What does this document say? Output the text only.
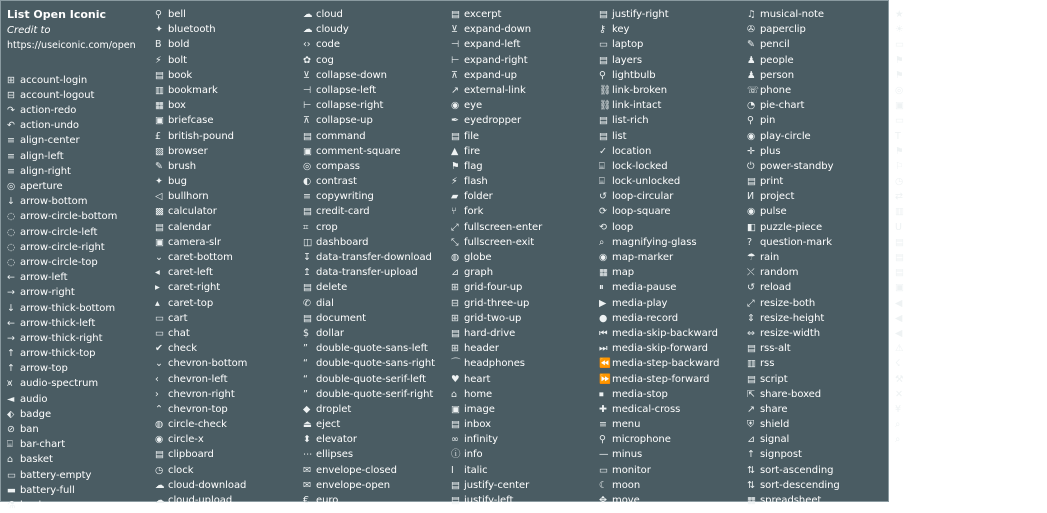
List Open Iconic
Credit to
https://useiconic.com/open
⊞ account-login
⊟ account-logout
↷ action-redo
↶ action-undo
≡ align-center
≡ align-left
≡ align-right
◎ aperture
↓ arrow-bottom
◌ arrow-circle-bottom
◌ arrow-circle-left
◌ arrow-circle-right
◌ arrow-circle-top
← arrow-left
→ arrow-right
↓ arrow-thick-bottom
← arrow-thick-left
→ arrow-thick-right
↑ arrow-thick-top
↑ arrow-top
⩙ audio-spectrum
◄ audio
⬖ badge
⊘ ban
⌸ bar-chart
⌂ basket
▭ battery-empty
▬ battery-full
⚗ beaker
⚲ bell
✦ bluetooth
B bold
⚡ bolt
▤ book
▥ bookmark
▦ box
▣ briefcase
£ british-pound
▧ browser
✎ brush
✦ bug
◁ bullhorn
▩ calculator
▤ calendar
▣ camera-slr
⌄ caret-bottom
◂ caret-left
▸ caret-right
▴ caret-top
▭ cart
▭ chat
✔ check
⌄ chevron-bottom
‹ chevron-left
› chevron-right
⌃ chevron-top
◍ circle-check
◉ circle-x
▤ clipboard
◷ clock
☁ cloud-download
☁ cloud-upload
☁ cloud
☁ cloudy
‹› code
✿ cog
⊻ collapse-down
⊣ collapse-left
⊢ collapse-right
⊼ collapse-up
▤ command
▣ comment-square
◎ compass
◐ contrast
≡ copywriting
▤ credit-card
⌗ crop
◫ dashboard
↧ data-transfer-download
↥ data-transfer-upload
▤ delete
✆ dial
▤ document
$ dollar
” double-quote-sans-left
“ double-quote-sans-right
“ double-quote-serif-left
” double-quote-serif-right
◆ droplet
⏏ eject
⬍ elevator
⋯ ellipses
✉ envelope-closed
✉ envelope-open
€ euro
▤ excerpt
⊻ expand-down
⊣ expand-left
⊢ expand-right
⊼ expand-up
↗ external-link
◉ eye
✒ eyedropper
▤ file
▲ fire
⚑ flag
⚡ flash
▰ folder
⑂ fork
⤢ fullscreen-enter
⤡ fullscreen-exit
◍ globe
⊿ graph
⊞ grid-four-up
⊟ grid-three-up
⊞ grid-two-up
▤ hard-drive
⊞ header
⌒ headphones
♥ heart
⌂ home
▣ image
▤ inbox
∞ infinity
ⓘ info
I	italic
▤ justify-center
▤ justify-left
▤ justify-right
⚷ key
▭ laptop
▤ layers
⚲ lightbulb
⛓ link-broken
⛓ link-intact
▤ list-rich
▤ list
✓ location
⌸ lock-locked
⌸ lock-unlocked
↺ loop-circular
⟳ loop-square
⟲ loop
⌕ magnifying-glass
◉ map-marker
▦ map
⏸ media-pause
▶ media-play
● media-record
⏮ media-skip-backward
⏭ media-skip-forward
⏪ media-step-backward
⏩ media-step-forward
⏹ media-stop
✚ medical-cross
≡ menu
⚲ microphone
— minus
▭ monitor
☾ moon
✥ move
♫ musical-note
✇ paperclip
✎ pencil
♟ people
♟ person
☏ phone
◔ pie-chart
⚲ pin
◉ play-circle
✛ plus
⏻ power-standby
▤ print
Ͷ project
◉ pulse
◧ puzzle-piece
? question-mark
☂ rain
⤬ random
↺ reload
⤢ resize-both
⇕ resize-height
⇔ resize-width
▤ rss-alt
▥ rss
▤ script
⇱ share-boxed
↗ share
⛨ shield
⊿ signal
↑ signpost
⇅ sort-ascending
⇅ sort-descending
▦ spreadsheet
★ star
☀ sun
▭ tablet
⚑ tag
⚑ tags
◎ target
▣ task
▭ terminal
T text
⚑ thumb-down
⚐ thumb-up
◷ timer
⇄ transfer
▥ trash
U underline
▤ vertical-align-bottom
▤ vertical-align-center
▤ vertical-align-top
▣ video
◀ volume-high
◀ volume-low
◀ volume-off
⚠ warning
☇ wifi
⚒ wrench
✕ x
¥ yen
⌕ zoom-in
⌕ zoom-out
